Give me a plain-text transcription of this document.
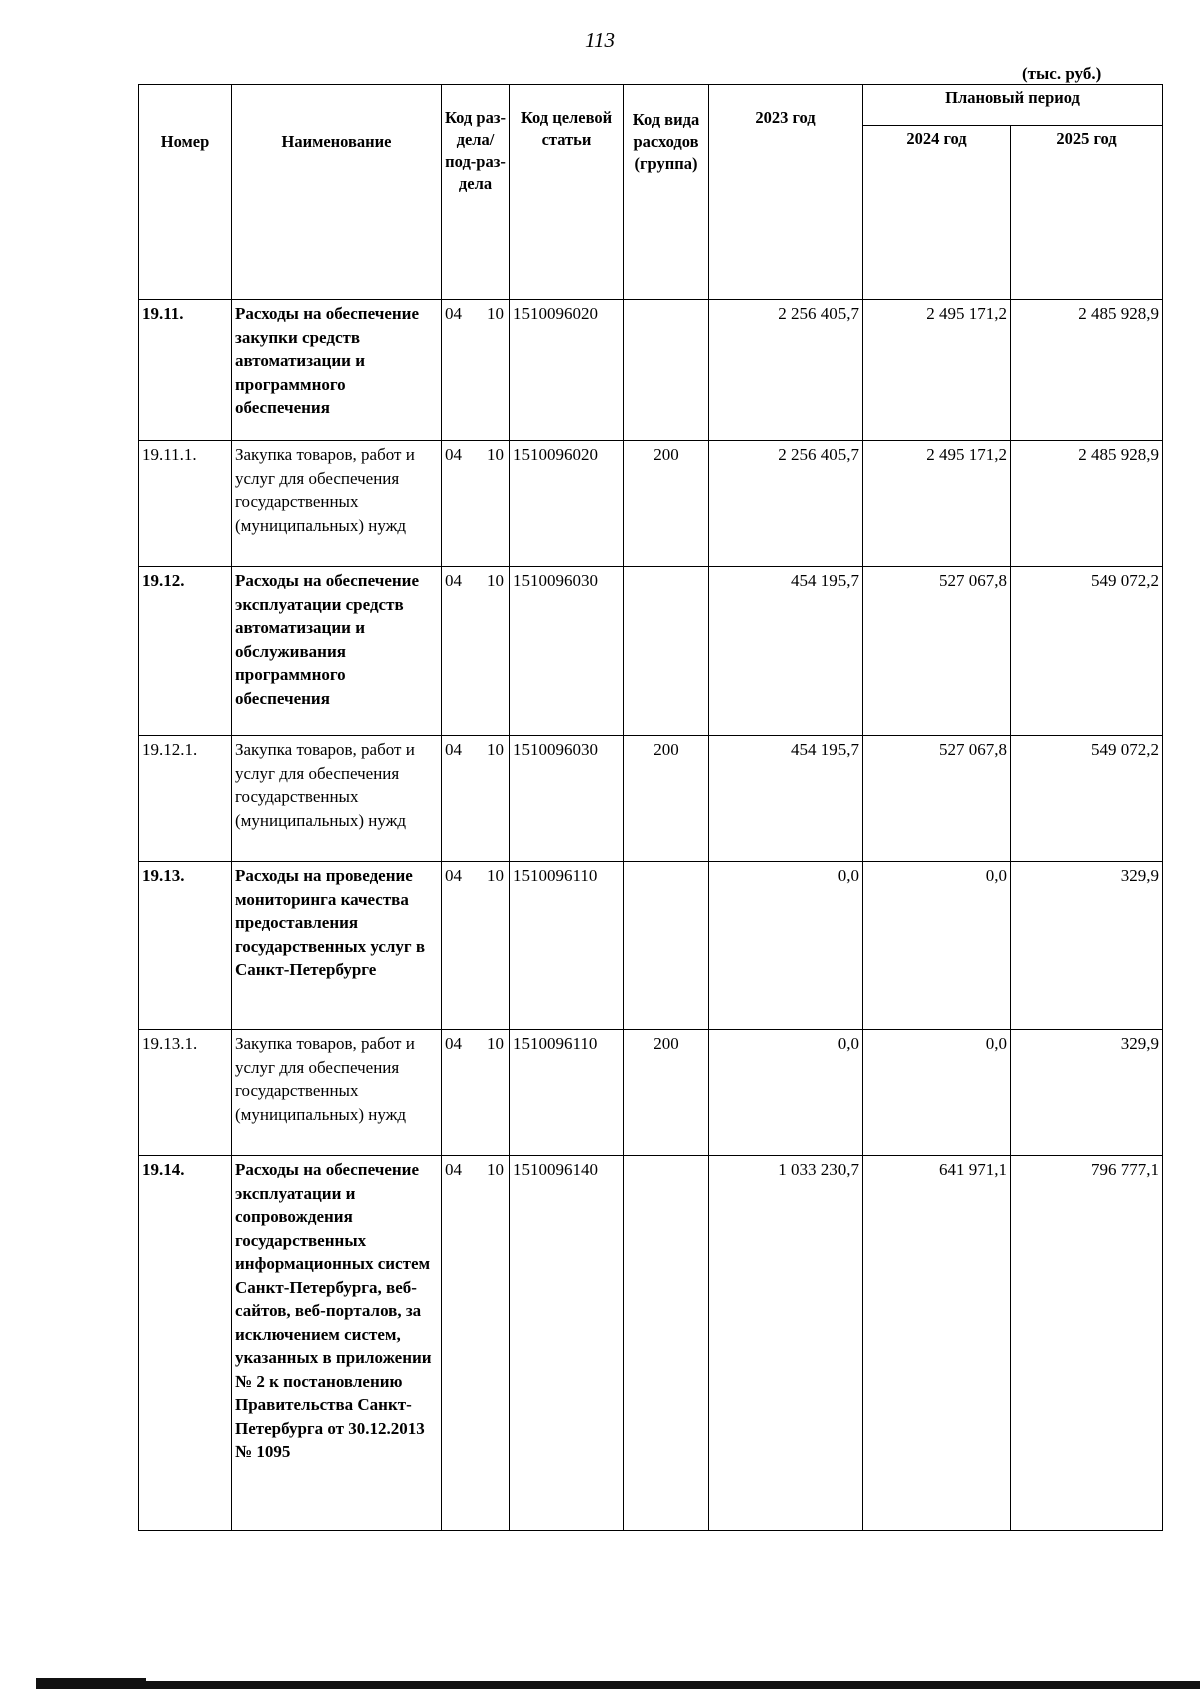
113
(тыс. руб.)
Номер	Наименование	Код раз-дела/ под-раз-дела	Код целевой статьи	Код вида расходов (группа)	2023 год	Плановый период	
						2024 год	2025 год
19.11.	Расходы на обеспечение закупки средств автоматизации и программного обеспечения	04 10	1510096020		2 256 405,7	2 495 171,2	2 485 928,9
19.11.1.	Закупка товаров, работ и услуг для обеспечения государственных (муниципальных) нужд	04 10	1510096020	200	2 256 405,7	2 495 171,2	2 485 928,9
19.12.	Расходы на обеспечение эксплуатации средств автоматизации и обслуживания программного обеспечения	04 10	1510096030		454 195,7	527 067,8	549 072,2
19.12.1.	Закупка товаров, работ и услуг для обеспечения государственных (муниципальных) нужд	04 10	1510096030	200	454 195,7	527 067,8	549 072,2
19.13.	Расходы на проведение мониторинга качества предоставления государственных услуг в Санкт-Петербурге	04 10	1510096110		0,0	0,0	329,9
19.13.1.	Закупка товаров, работ и услуг для обеспечения государственных (муниципальных) нужд	04 10	1510096110	200	0,0	0,0	329,9
19.14.	Расходы на обеспечение эксплуатации и сопровождения государственных информационных систем Санкт-Петербурга, веб-сайтов, веб-порталов, за исключением систем, указанных в приложении № 2 к постановлению Правительства Санкт-Петербурга от 30.12.2013 № 1095	04 10	1510096140		1 033 230,7	641 971,1	796 777,1
